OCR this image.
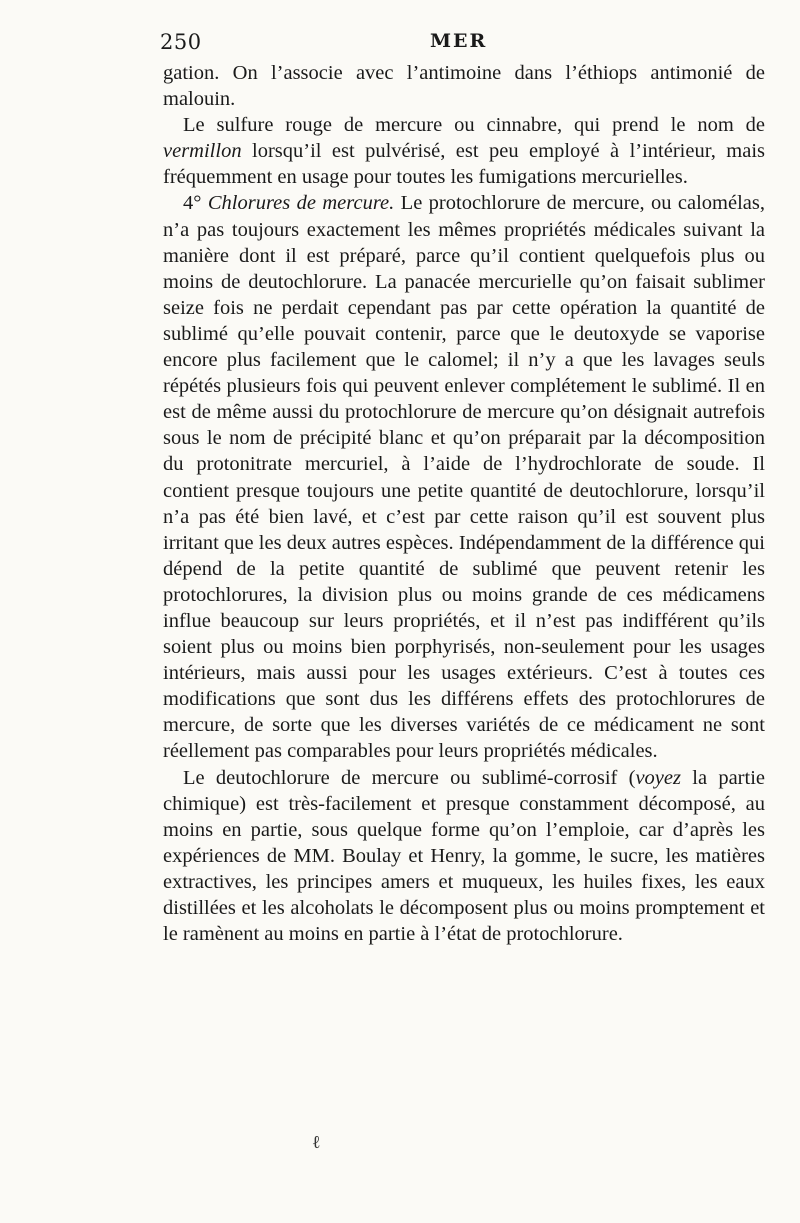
250	MER

gation. On l’associe avec l’antimoine dans l’éthiops antimonié de malouin.

Le sulfure rouge de mercure ou cinnabre, qui prend le nom de vermillon lorsqu’il est pulvérisé, est peu employé à l’intérieur, mais fréquemment en usage pour toutes les fumigations mercurielles.

4° Chlorures de mercure. Le protochlorure de mercure, ou calomélas, n’a pas toujours exactement les mêmes propriétés médicales suivant la manière dont il est préparé, parce qu’il contient quelquefois plus ou moins de deutochlorure. La panacée mercurielle qu’on faisait sublimer seize fois ne perdait cependant pas par cette opération la quantité de sublimé qu’elle pouvait contenir, parce que le deutoxyde se vaporise encore plus facilement que le calomel; il n’y a que les lavages seuls répétés plusieurs fois qui peuvent enlever complétement le sublimé. Il en est de même aussi du protochlorure de mercure qu’on désignait autrefois sous le nom de précipité blanc et qu’on préparait par la décomposition du protonitrate mercuriel, à l’aide de l’hydrochlorate de soude. Il contient presque toujours une petite quantité de deutochlorure, lorsqu’il n’a pas été bien lavé, et c’est par cette raison qu’il est souvent plus irritant que les deux autres espèces. Indépendamment de la différence qui dépend de la petite quantité de sublimé que peuvent retenir les protochlorures, la division plus ou moins grande de ces médicamens influe beaucoup sur leurs propriétés, et il n’est pas indifférent qu’ils soient plus ou moins bien porphyrisés, non-seulement pour les usages intérieurs, mais aussi pour les usages extérieurs. C’est à toutes ces modifications que sont dus les différens effets des protochlorures de mercure, de sorte que les diverses variétés de ce médicament ne sont réellement pas comparables pour leurs propriétés médicales.

Le deutochlorure de mercure ou sublimé-corrosif (voyez la partie chimique) est très-facilement et presque constamment décomposé, au moins en partie, sous quelque forme qu’on l’emploie, car d’après les expériences de MM. Boulay et Henry, la gomme, le sucre, les matières extractives, les principes amers et muqueux, les huiles fixes, les eaux distillées et les alcoholats le décomposent plus ou moins promptement et le ramènent au moins en partie à l’état de protochlorure.

ℓ
